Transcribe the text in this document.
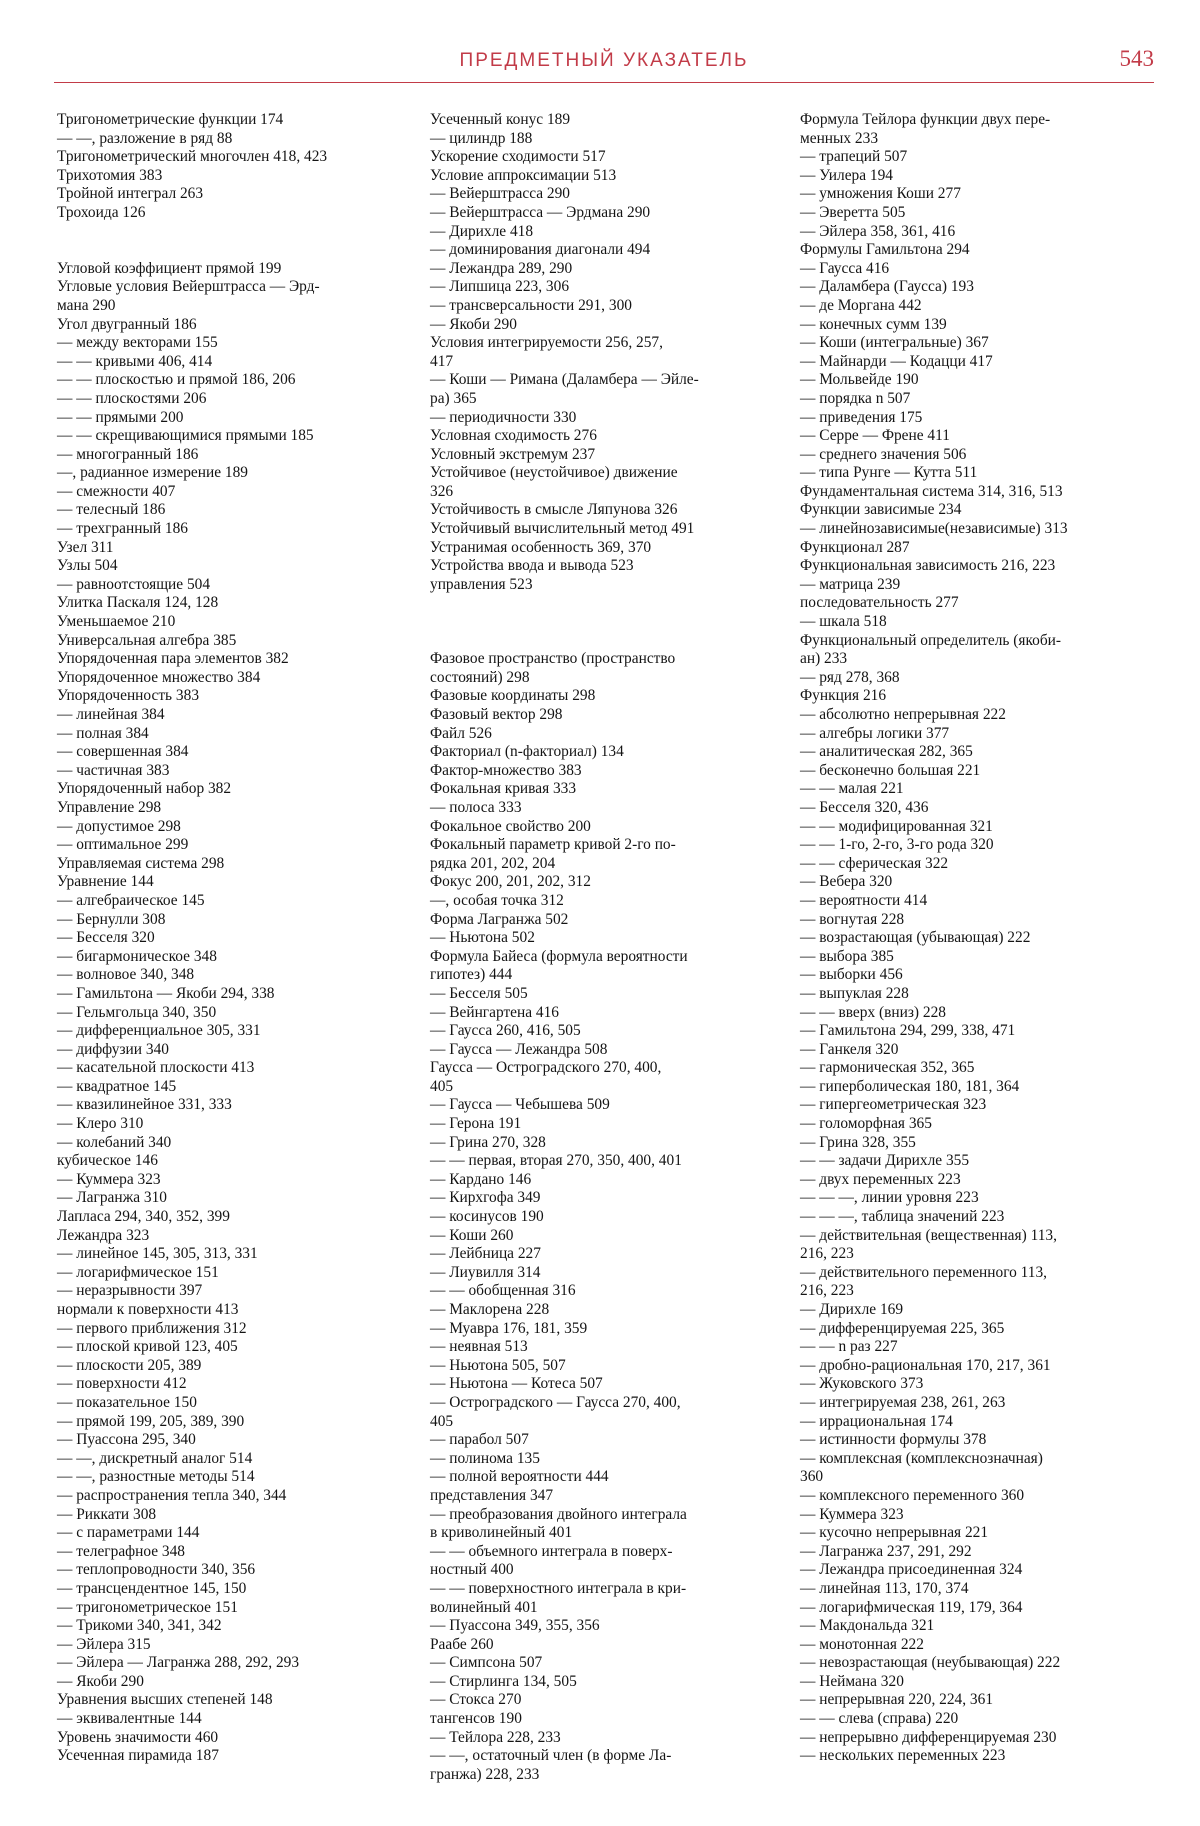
ПРЕДМЕТНЫЙ УКАЗАТЕЛЬ	543
Тригонометрические функции 174
— —, разложение в ряд 88
Тригонометрический многочлен 418, 423
Трихотомия 383
Тройной интеграл 263
Трохоида 126
Угловой коэффициент прямой 199
Угловые условия Вейерштрасса — Эрд-
мана 290
Угол двугранный 186
— между векторами 155
— — кривыми 406, 414
— — плоскостью и прямой 186, 206
— — плоскостями 206
— — прямыми 200
— — скрещивающимися прямыми 185
— многогранный 186
—, радианное измерение 189
— смежности 407
— телесный 186
— трехгранный 186
Узел 311
Узлы 504
— равноотстоящие 504
Улитка Паскаля 124, 128
Уменьшаемое 210
Универсальная алгебра 385
Упорядоченная пара элементов 382
Упорядоченное множество 384
Упорядоченность 383
— линейная 384
— полная 384
— совершенная 384
— частичная 383
Упорядоченный набор 382
Управление 298
— допустимое 298
— оптимальное 299
Управляемая система 298
Уравнение 144
— алгебраическое 145
— Бернулли 308
— Бесселя 320
— бигармоническое 348
— волновое 340, 348
— Гамильтона — Якоби 294, 338
— Гельмгольца 340, 350
— дифференциальное 305, 331
— диффузии 340
— касательной плоскости 413
— квадратное 145
— квазилинейное 331, 333
— Клеро 310
— колебаний 340
кубическое 146
— Куммера 323
— Лагранжа 310
Лапласа 294, 340, 352, 399
Лежандра 323
— линейное 145, 305, 313, 331
— логарифмическое 151
— неразрывности 397
нормали к поверхности 413
— первого приближения 312
— плоской кривой 123, 405
— плоскости 205, 389
— поверхности 412
— показательное 150
— прямой 199, 205, 389, 390
— Пуассона 295, 340
— —, дискретный аналог 514
— —, разностные методы 514
— распространения тепла 340, 344
— Риккати 308
— с параметрами 144
— телеграфное 348
— теплопроводности 340, 356
— трансцендентное 145, 150
— тригонометрическое 151
— Трикоми 340, 341, 342
— Эйлера 315
— Эйлера — Лагранжа 288, 292, 293
— Якоби 290
Уравнения высших степеней 148
— эквивалентные 144
Уровень значимости 460
Усеченная пирамида 187
Усеченный конус 189
— цилиндр 188
Ускорение сходимости 517
Условие аппроксимации 513
— Вейерштрасса 290
— Вейерштрасса — Эрдмана 290
— Дирихле 418
— доминирования диагонали 494
— Лежандра 289, 290
— Липшица 223, 306
— трансверсальности 291, 300
— Якоби 290
Условия интегрируемости 256, 257,
417
— Коши — Римана (Даламбера — Эйле-
ра) 365
— периодичности 330
Условная сходимость 276
Условный экстремум 237
Устойчивое (неустойчивое) движение
326
Устойчивость в смысле Ляпунова 326
Устойчивый вычислительный метод 491
Устранимая особенность 369, 370
Устройства ввода и вывода 523
управления 523
Фазовое пространство (пространство
состояний) 298
Фазовые координаты 298
Фазовый вектор 298
Файл 526
Факториал (n-факториал) 134
Фактор-множество 383
Фокальная кривая 333
— полоса 333
Фокальное свойство 200
Фокальный параметр кривой 2-го по-
рядка 201, 202, 204
Фокус 200, 201, 202, 312
—, особая точка 312
Форма Лагранжа 502
— Ньютона 502
Формула Байеса (формула вероятности
гипотез) 444
— Бесселя 505
— Вейнгартена 416
— Гаусса 260, 416, 505
— Гаусса — Лежандра 508
Гаусса — Остроградского 270, 400,
405
— Гаусса — Чебышева 509
— Герона 191
— Грина 270, 328
— — первая, вторая 270, 350, 400, 401
— Кардано 146
— Кирхгофа 349
— косинусов 190
— Коши 260
— Лейбница 227
— Лиувилля 314
— — обобщенная 316
— Маклорена 228
— Муавра 176, 181, 359
— неявная 513
— Ньютона 505, 507
— Ньютона — Котеса 507
— Остроградского — Гаусса 270, 400,
405
— парабол 507
— полинома 135
— полной вероятности 444
представления 347
— преобразования двойного интеграла
в криволинейный 401
— — объемного интеграла в поверх-
ностный 400
— — поверхностного интеграла в кри-
волинейный 401
— Пуассона 349, 355, 356
Раабе 260
— Симпсона 507
— Стирлинга 134, 505
— Стокса 270
тангенсов 190
— Тейлора 228, 233
— —, остаточный член (в форме Ла-
гранжа) 228, 233
Формула Тейлора функции двух пере-
менных 233
— трапеций 507
— Уилера 194
— умножения Коши 277
— Эверетта 505
— Эйлера 358, 361, 416
Формулы Гамильтона 294
— Гаусса 416
— Даламбера (Гаусса) 193
— де Моргана 442
— конечных сумм 139
— Коши (интегральные) 367
— Майнарди — Кодацци 417
— Мольвейде 190
— порядка n 507
— приведения 175
— Серре — Френе 411
— среднего значения 506
— типа Рунге — Кутта 511
Фундаментальная система 314, 316, 513
Функции зависимые 234
— линейнозависимые(независимые) 313
Функционал 287
Функциональная зависимость 216, 223
— матрица 239
последовательность 277
— шкала 518
Функциональный определитель (якоби-
ан) 233
— ряд 278, 368
Функция 216
— абсолютно непрерывная 222
— алгебры логики 377
— аналитическая 282, 365
— бесконечно большая 221
— — малая 221
— Бесселя 320, 436
— — модифицированная 321
— — 1-го, 2-го, 3-го рода 320
— — сферическая 322
— Вебера 320
— вероятности 414
— вогнутая 228
— возрастающая (убывающая) 222
— выбора 385
— выборки 456
— выпуклая 228
— — вверх (вниз) 228
— Гамильтона 294, 299, 338, 471
— Ганкеля 320
— гармоническая 352, 365
— гиперболическая 180, 181, 364
— гипергеометрическая 323
— голоморфная 365
— Грина 328, 355
— — задачи Дирихле 355
— двух переменных 223
— — —, линии уровня 223
— — —, таблица значений 223
— действительная (вещественная) 113,
216, 223
— действительного переменного 113,
216, 223
— Дирихле 169
— дифференцируемая 225, 365
— — n раз 227
— дробно-рациональная 170, 217, 361
— Жуковского 373
— интегрируемая 238, 261, 263
— иррациональная 174
— истинности формулы 378
— комплексная (комплекснозначная)
360
— комплексного переменного 360
— Куммера 323
— кусочно непрерывная 221
— Лагранжа 237, 291, 292
— Лежандра присоединенная 324
— линейная 113, 170, 374
— логарифмическая 119, 179, 364
— Макдональда 321
— монотонная 222
— невозрастающая (неубывающая) 222
— Неймана 320
— непрерывная 220, 224, 361
— — слева (справа) 220
— непрерывно дифференцируемая 230
— нескольких переменных 223
